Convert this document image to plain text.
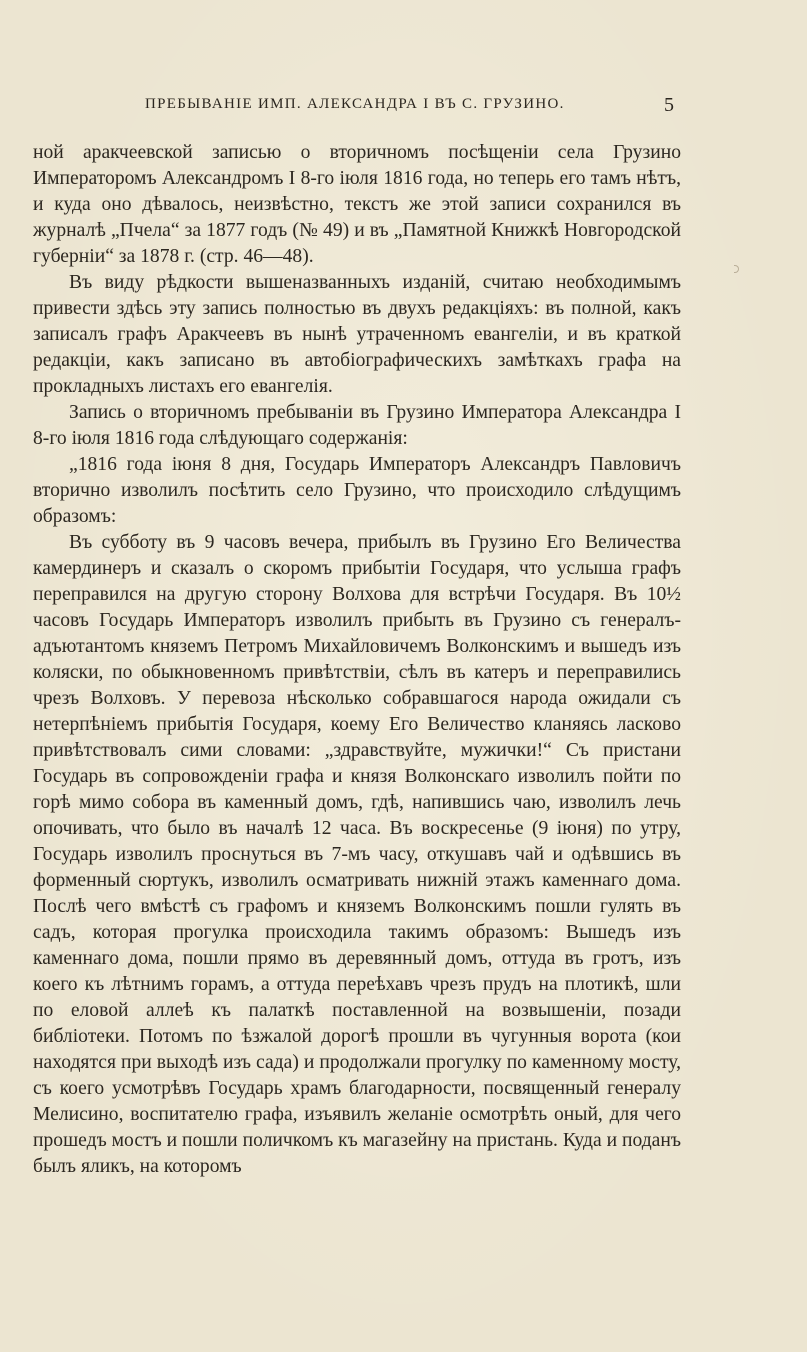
ПРЕБЫВАНІЕ ИМП. АЛЕКСАНДРА I ВЪ С. ГРУЗИНО.	5

ной аракчеевской записью о вторичномъ посѣщеніи села Грузино Императоромъ Александромъ I 8-го іюля 1816 года, но теперь его тамъ нѣтъ, и куда оно дѣвалось, неизвѣстно, текстъ же этой записи сохранился въ журналѣ „Пчела“ за 1877 годъ (№ 49) и въ „Памятной Книжкѣ Новгородской губерніи“ за 1878 г. (стр. 46—48).

Въ виду рѣдкости вышеназванныхъ изданій, считаю необходимымъ привести здѣсь эту запись полностью въ двухъ редакціяхъ: въ полной, какъ записалъ графъ Аракчеевъ въ нынѣ утраченномъ евангеліи, и въ краткой редакціи, какъ записано въ автобіографическихъ замѣткахъ графа на прокладныхъ листахъ его евангелія.

Запись о вторичномъ пребываніи въ Грузино Императора Александра I 8-го іюля 1816 года слѣдующаго содержанія:

„1816 года іюня 8 дня, Государь Императоръ Александръ Павловичъ вторично изволилъ посѣтить село Грузино, что происходило слѣдущимъ образомъ:

Въ субботу въ 9 часовъ вечера, прибылъ въ Грузино Его Величества камердинеръ и сказалъ о скоромъ прибытіи Государя, что услыша графъ переправился на другую сторону Волхова для встрѣчи Государя. Въ 10½ часовъ Государь Императоръ изволилъ прибыть въ Грузино съ генералъ-адъютантомъ княземъ Петромъ Михайловичемъ Волконскимъ и вышедъ изъ коляски, по обыкновенномъ привѣтствіи, сѣлъ въ катеръ и переправились чрезъ Волховъ. У перевоза нѣсколько собравшагося народа ожидали съ нетерпѣніемъ прибытія Государя, коему Его Величество кланяясь ласково привѣтствовалъ сими словами: „здравствуйте, мужички!“ Съ пристани Государь въ сопровожденіи графа и князя Волконскаго изволилъ пойти по горѣ мимо собора въ каменный домъ, гдѣ, напившись чаю, изволилъ лечь опочивать, что было въ началѣ 12 часа. Въ воскресенье (9 іюня) по утру, Государь изволилъ проснуться въ 7-мъ часу, откушавъ чай и одѣвшись въ форменный сюртукъ, изволилъ осматривать нижній этажъ каменнаго дома. Послѣ чего вмѣстѣ съ графомъ и княземъ Волконскимъ пошли гулять въ садъ, которая прогулка происходила такимъ образомъ: Вышедъ изъ каменнаго дома, пошли прямо въ деревянный домъ, оттуда въ гротъ, изъ коего къ лѣтнимъ горамъ, а оттуда переѣхавъ чрезъ прудъ на плотикѣ, шли по еловой аллеѣ къ палаткѣ поставленной на возвышеніи, позади библіотеки. Потомъ по ѣзжалой дорогѣ прошли въ чугунныя ворота (кои находятся при выходѣ изъ сада) и продолжали прогулку по каменному мосту, съ коего усмотрѣвъ Государь храмъ благодарности, посвященный генералу Мелисино, воспитателю графа, изъявилъ желаніе осмотрѣть оный, для чего прошедъ мостъ и пошли поличкомъ къ магазейну на пристань. Куда и поданъ былъ яликъ, на которомъ
